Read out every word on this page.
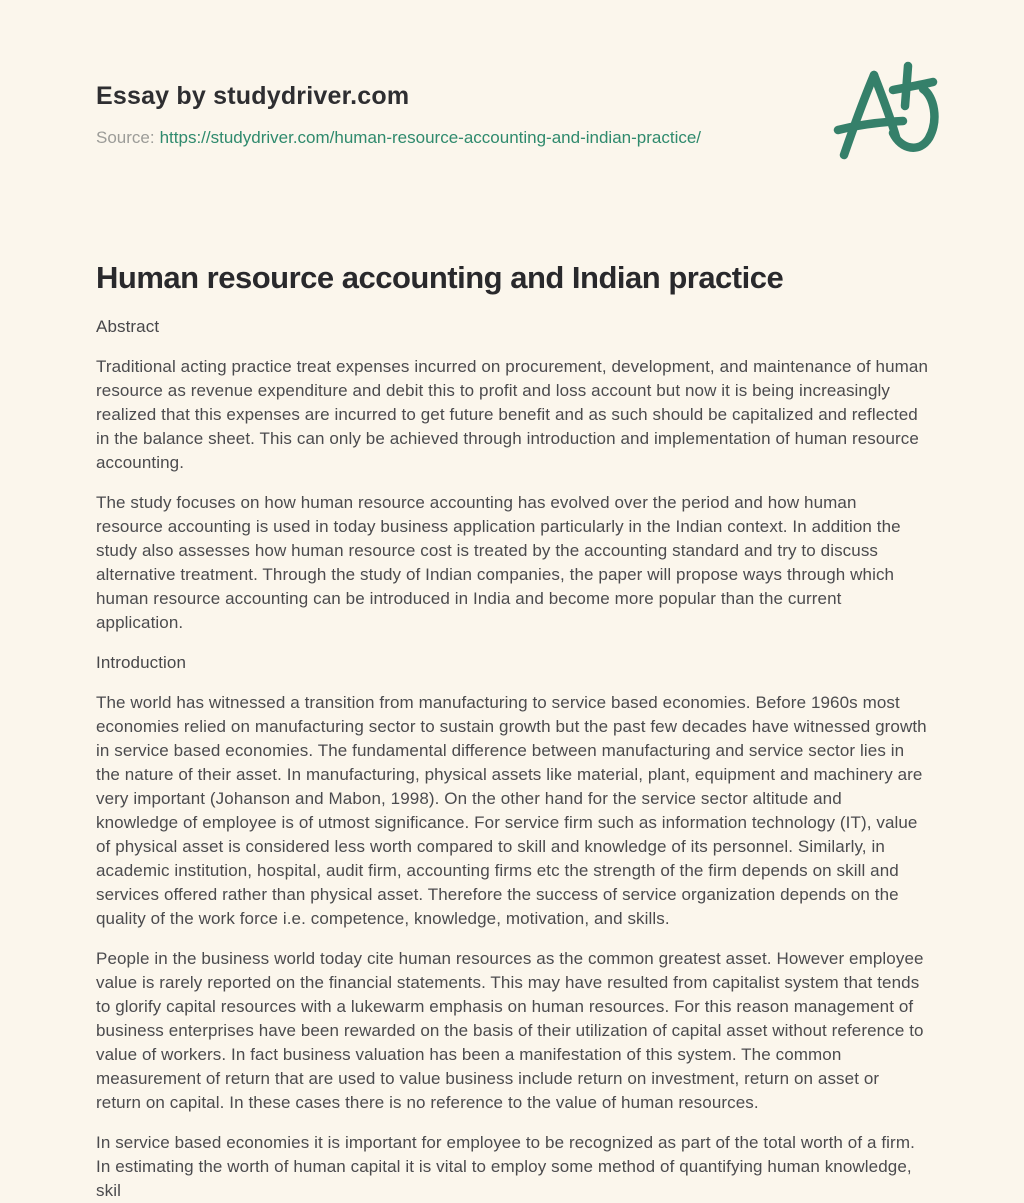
Essay by studydriver.com
Source: https://studydriver.com/human-resource-accounting-and-indian-practice/
Human resource accounting and Indian practice

Abstract

Traditional acting practice treat expenses incurred on procurement, development, and maintenance of human resource as revenue expenditure and debit this to profit and loss account but now it is being increasingly realized that this expenses are incurred to get future benefit and as such should be capitalized and reflected in the balance sheet. This can only be achieved through introduction and implementation of human resource accounting.

The study focuses on how human resource accounting has evolved over the period and how human resource accounting is used in today business application particularly in the Indian context. In addition the study also assesses how human resource cost is treated by the accounting standard and try to discuss alternative treatment. Through the study of Indian companies, the paper will propose ways through which human resource accounting can be introduced in India and become more popular than the current application.

Introduction

The world has witnessed a transition from manufacturing to service based economies. Before 1960s most economies relied on manufacturing sector to sustain growth but the past few decades have witnessed growth in service based economies. The fundamental difference between manufacturing and service sector lies in the nature of their asset. In manufacturing, physical assets like material, plant, equipment and machinery are very important (Johanson and Mabon, 1998). On the other hand for the service sector altitude and knowledge of employee is of utmost significance. For service firm such as information technology (IT), value of physical asset is considered less worth compared to skill and knowledge of its personnel. Similarly, in academic institution, hospital, audit firm, accounting firms etc the strength of the firm depends on skill and services offered rather than physical asset. Therefore the success of service organization depends on the quality of the work force i.e. competence, knowledge, motivation, and skills.

People in the business world today cite human resources as the common greatest asset. However employee value is rarely reported on the financial statements. This may have resulted from capitalist system that tends to glorify capital resources with a lukewarm emphasis on human resources. For this reason management of business enterprises have been rewarded on the basis of their utilization of capital asset without reference to value of workers. In fact business valuation has been a manifestation of this system. The common measurement of return that are used to value business include return on investment, return on asset or return on capital. In these cases there is no reference to the value of human resources.

In service based economies it is important for employee to be recognized as part of the total worth of a firm. In estimating the worth of human capital it is vital to employ some method of quantifying human knowledge, skil
